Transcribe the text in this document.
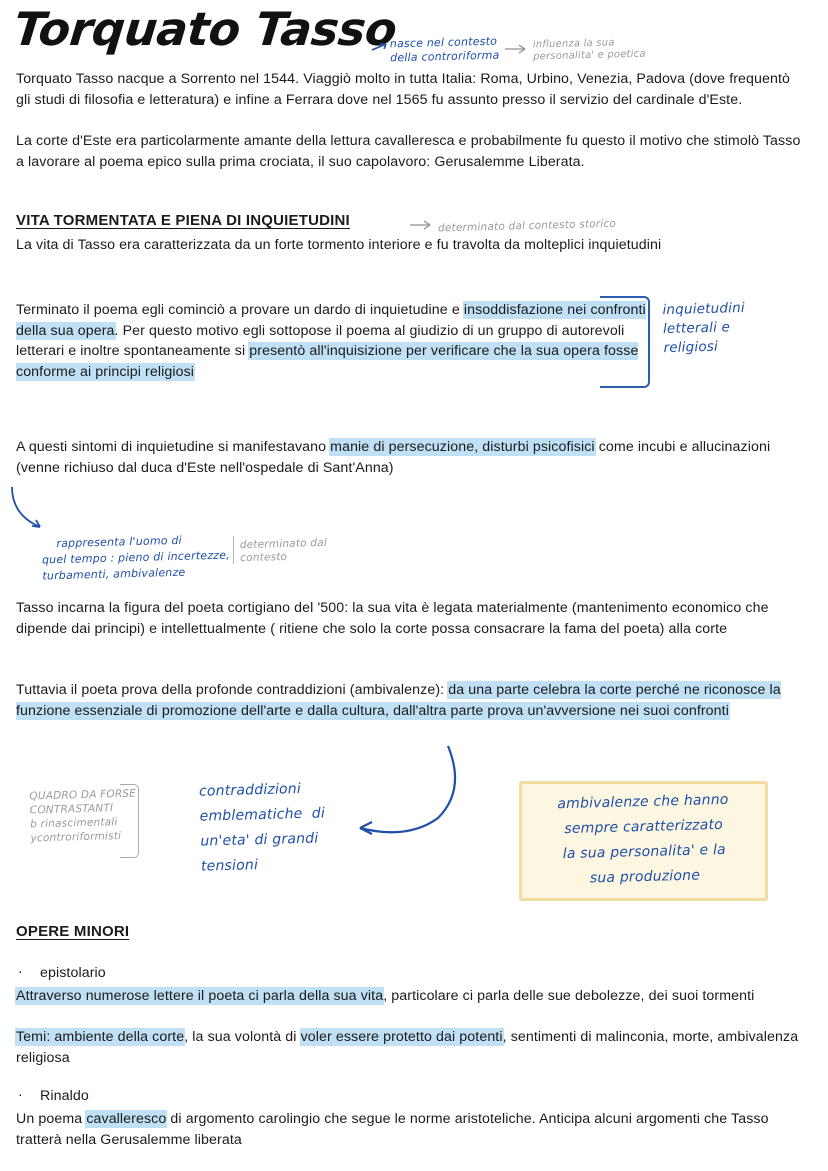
Torquato Tasso
nasce nel contesto
della controriforma
influenza la sua
personalita' e poetica
Torquato Tasso nacque a Sorrento nel 1544. Viaggiò molto in tutta Italia: Roma, Urbino, Venezia, Padova (dove frequentò gli studi di filosofia e letteratura) e infine a Ferrara dove nel 1565 fu assunto presso il servizio del cardinale d'Este.
La corte d'Este era particolarmente amante della lettura cavalleresca e probabilmente fu questo il motivo che stimolò Tasso a lavorare al poema epico sulla prima crociata, il suo capolavoro: Gerusalemme Liberata.
VITA TORMENTATA E PIENA DI INQUIETUDINI	determinato dal contesto storico
La vita di Tasso era caratterizzata da un forte tormento interiore e fu travolta da molteplici inquietudini
Terminato il poema egli cominciò a provare un dardo di inquietudine e insoddisfazione nei confronti della sua opera. Per questo motivo egli sottopose il poema al giudizio di un gruppo di autorevoli letterari e inoltre spontaneamente si presentò all'inquisizione per verificare che la sua opera fosse conforme ai principi religiosi
inquietudini
letterali e
religiosi
A questi sintomi di inquietudine si manifestavano manie di persecuzione, disturbi psicofisici come incubi e allucinazioni (venne richiuso dal duca d'Este nell'ospedale di Sant'Anna)

rappresenta l'uomo di
quel tempo : pieno di incertezze,
turbamenti, ambivalenze

determinato dal
contesto
Tasso incarna la figura del poeta cortigiano del '500: la sua vita è legata materialmente (mantenimento economico che dipende dai principi) e intellettualmente ( ritiene che solo la corte possa consacrare la fama del poeta) alla corte
Tuttavia il poeta prova della profonde contraddizioni (ambivalenze): da una parte celebra la corte perché ne riconosce la funzione essenziale di promozione dell'arte e dalla cultura, dall'altra parte prova un'avversione nei suoi confronti
QUADRO DA FORSE
CONTRASTANTI
b rinascimentali
ycontroriformisti
contraddizioni
emblematiche  di
un'eta' di grandi
tensioni
ambivalenze che hanno
sempre caratterizzato
la sua personalita' e la
sua produzione
OPERE MINORI
· epistolario
Attraverso numerose lettere il poeta ci parla della sua vita, particolare ci parla delle sue debolezze, dei suoi tormenti
Temi: ambiente della corte, la sua volontà di voler essere protetto dai potenti, sentimenti di malinconia, morte, ambivalenza religiosa
· Rinaldo
Un poema cavalleresco di argomento carolingio che segue le norme aristoteliche. Anticipa alcuni argomenti che Tasso tratterà nella Gerusalemme liberata
